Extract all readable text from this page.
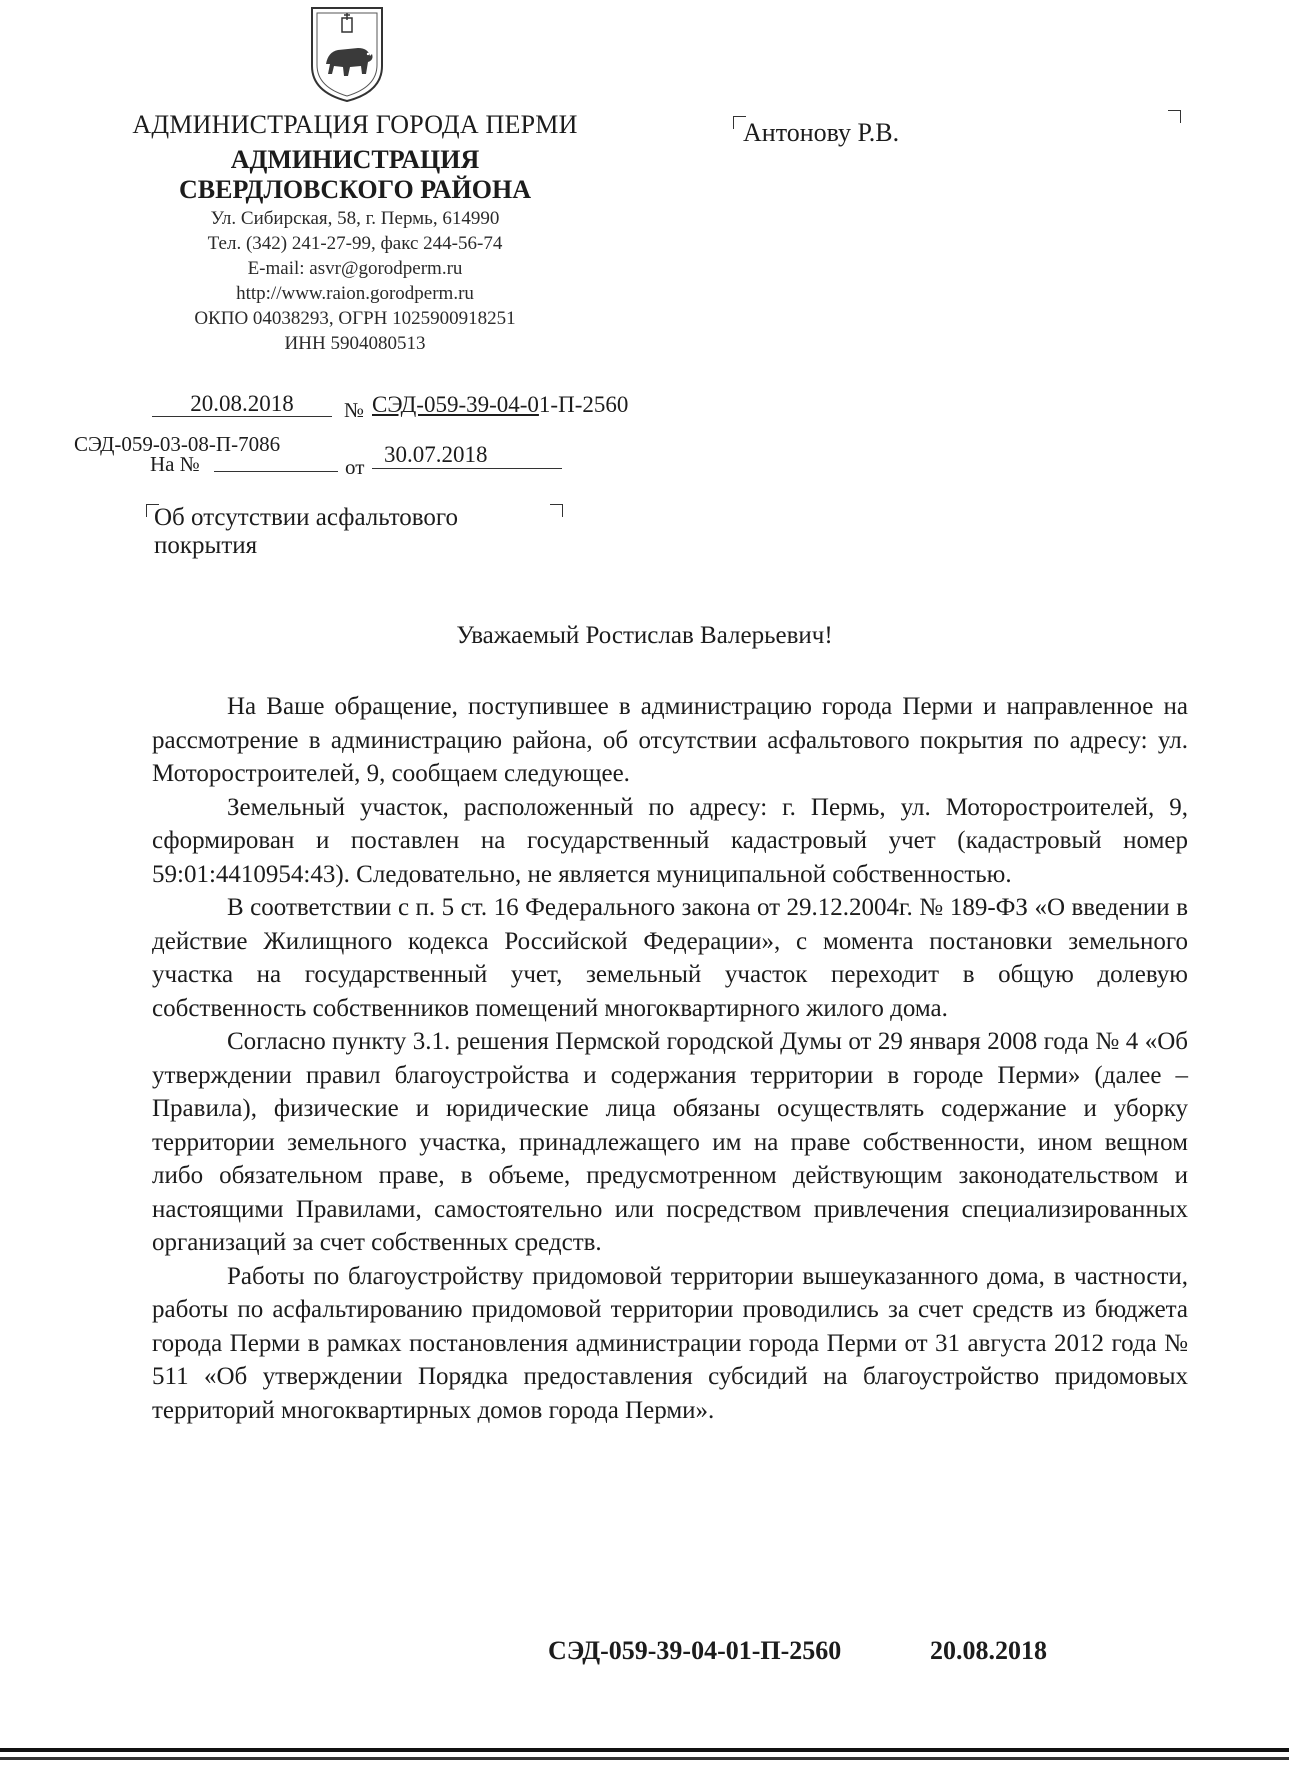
АДМИНИСТРАЦИЯ ГОРОДА ПЕРМИ
АДМИНИСТРАЦИЯ
СВЕРДЛОВСКОГО РАЙОНА
Ул. Сибирская, 58, г. Пермь, 614990
Тел. (342) 241-27-99, факс 244-56-74
E-mail: asvr@gorodperm.ru
http://www.raion.gorodperm.ru
ОКПО 04038293, ОГРН 1025900918251
ИНН 5904080513
Антонову Р.В.
20.08.2018	№ СЭД-059-39-04-01-П-2560
СЭД-059-03-08-П-7086
На №	от 30.07.2018
Об отсутствии асфальтового
покрытия
Уважаемый Ростислав Валерьевич!

На Ваше обращение, поступившее в администрацию города Перми и направленное на рассмотрение в администрацию района, об отсутствии асфальтового покрытия по адресу: ул. Моторостроителей, 9, сообщаем следующее.

Земельный участок, расположенный по адресу: г. Пермь, ул. Моторостроителей, 9, сформирован и поставлен на государственный кадастровый учет (кадастровый номер 59:01:4410954:43). Следовательно, не является муниципальной собственностью.

В соответствии с п. 5 ст. 16 Федерального закона от 29.12.2004г. № 189-ФЗ «О введении в действие Жилищного кодекса Российской Федерации», с момента постановки земельного участка на государственный учет, земельный участок переходит в общую долевую собственность собственников помещений многоквартирного жилого дома.

Согласно пункту 3.1. решения Пермской городской Думы от 29 января 2008 года № 4 «Об утверждении правил благоустройства и содержания территории в городе Перми» (далее – Правила), физические и юридические лица обязаны осуществлять содержание и уборку территории земельного участка, принадлежащего им на праве собственности, ином вещном либо обязательном праве, в объеме, предусмотренном действующим законодательством и настоящими Правилами, самостоятельно или посредством привлечения специализированных организаций за счет собственных средств.

Работы по благоустройству придомовой территории вышеуказанного дома, в частности, работы по асфальтированию придомовой территории проводились за счет средств из бюджета города Перми в рамках постановления администрации города Перми от 31 августа 2012 года № 511 «Об утверждении Порядка предоставления субсидий на благоустройство придомовых территорий многоквартирных домов города Перми».

СЭД-059-39-04-01-П-2560	20.08.2018
